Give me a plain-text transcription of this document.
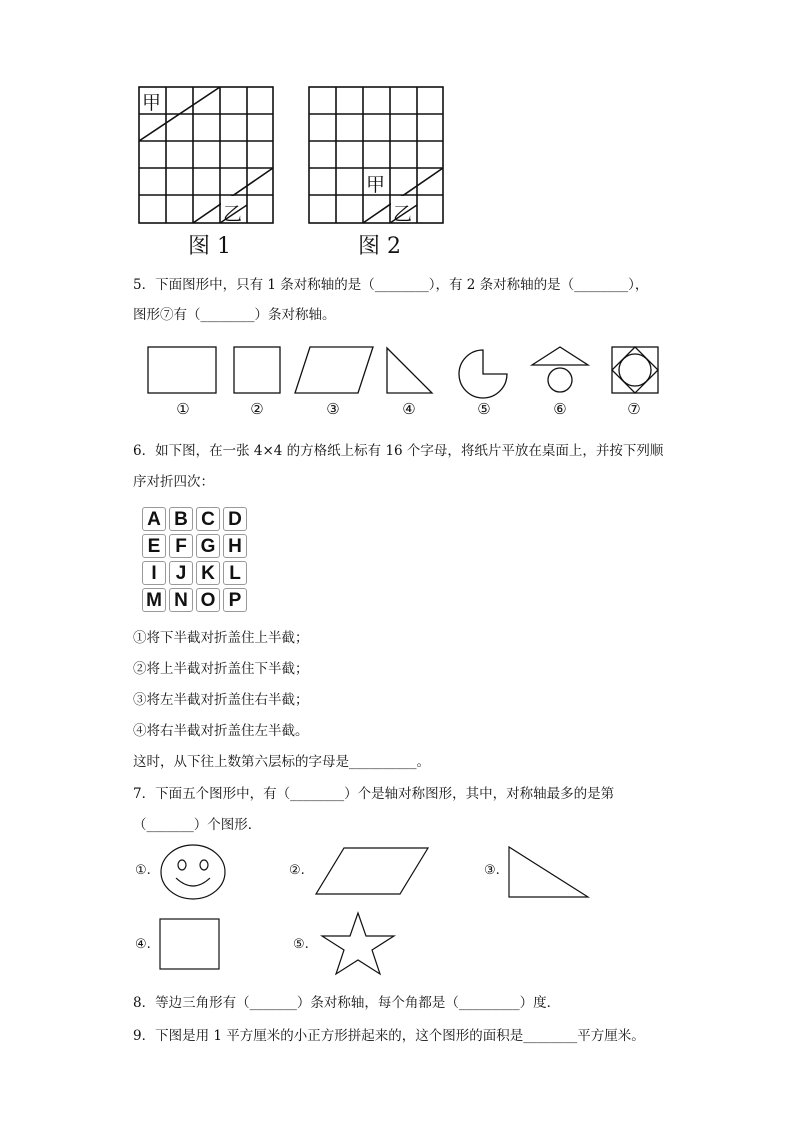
甲
乙
图 1
甲
乙
图 2
5．下面图形中，只有 1 条对称轴的是（________），有 2 条对称轴的是（________），
图形⑦有（________）条对称轴。
①	②	③	④	⑤	⑥	⑦
6．如下图，在一张 4×4 的方格纸上标有 16 个字母，将纸片平放在桌面上，并按下列顺
序对折四次：
A B C D
E F G H
I	J K L
M N O P
①将下半截对折盖住上半截；
②将上半截对折盖住下半截；
③将左半截对折盖住右半截；
④将右半截对折盖住左半截。
这时，从下往上数第六层标的字母是__________。
7．下面五个图形中，有（________）个是轴对称图形，其中，对称轴最多的是第
（_______）个图形．
①.	②.	③.
④.	⑤.
8．等边三角形有（_______）条对称轴，每个角都是（_________）度．
9．下图是用 1 平方厘米的小正方形拼起来的，这个图形的面积是________平方厘米。
